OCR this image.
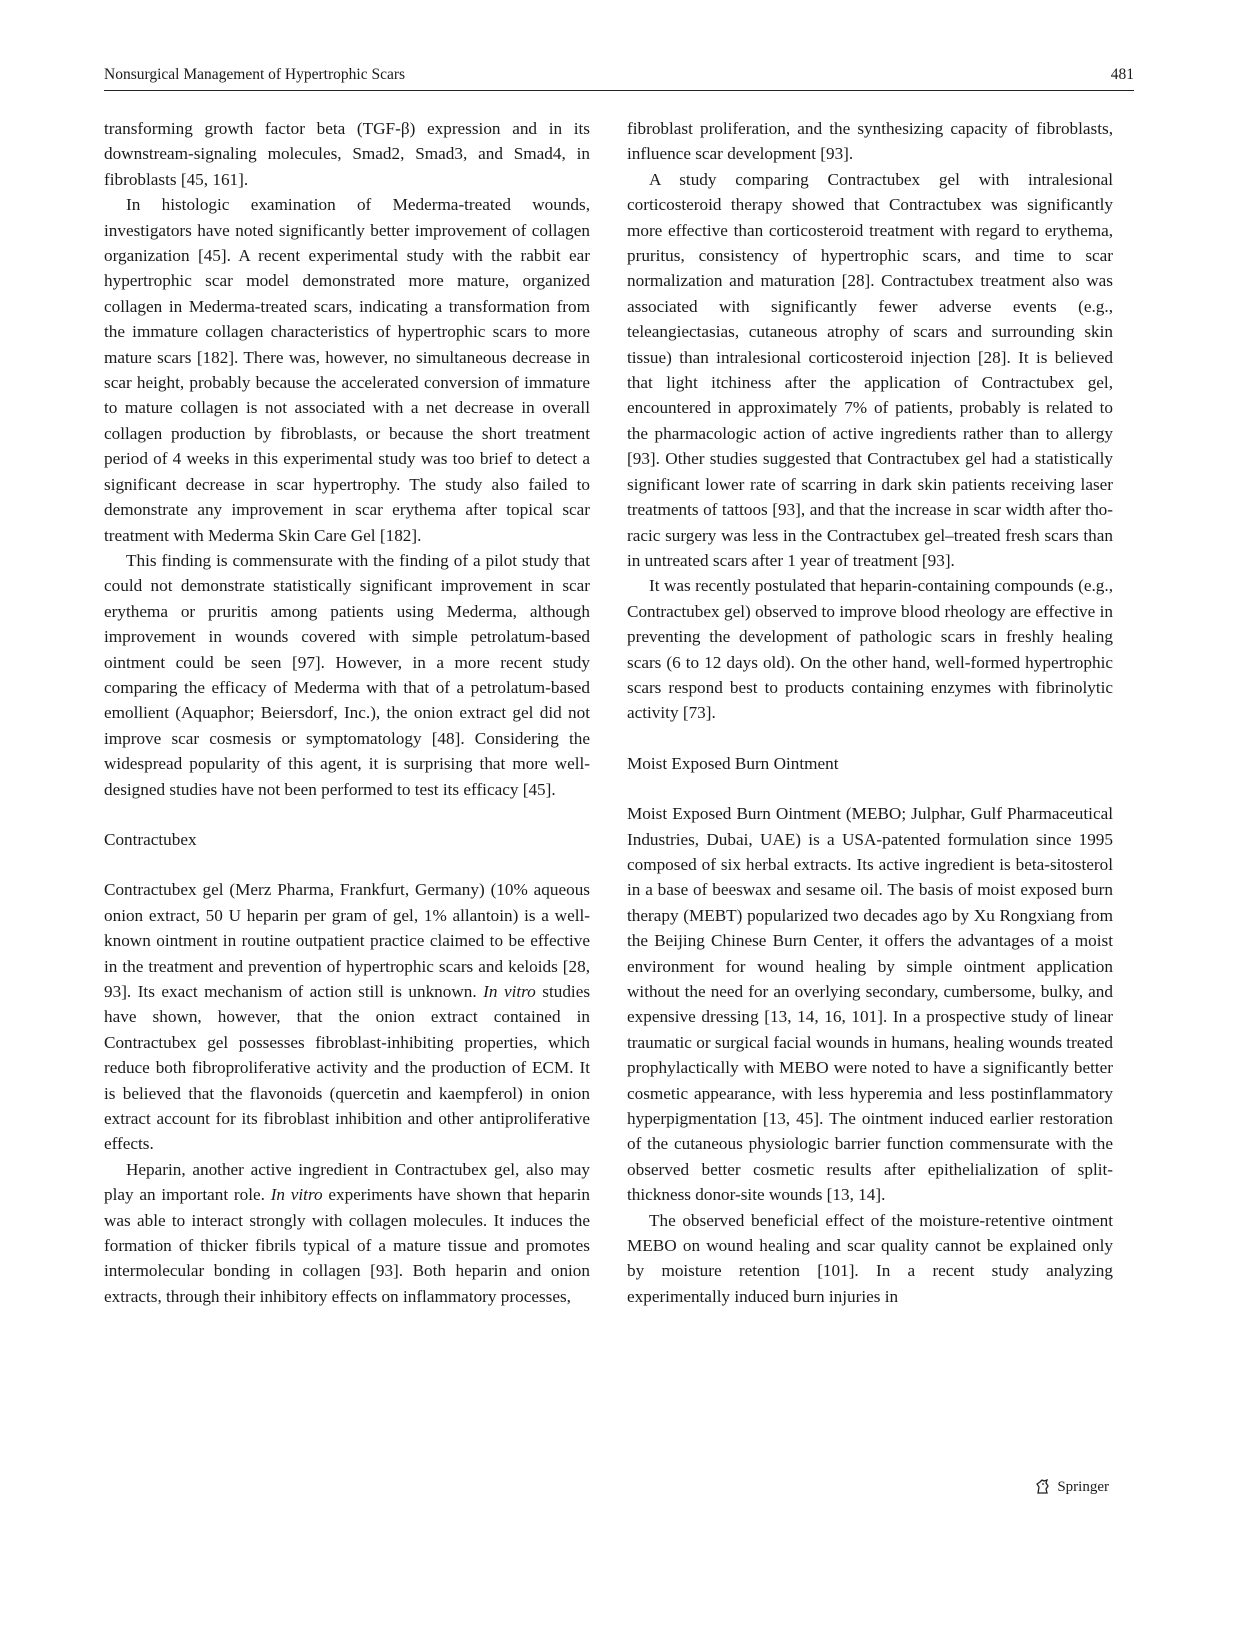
Nonsurgical Management of Hypertrophic Scars	481

transforming growth factor beta (TGF-β) expression and in its downstream-signaling molecules, Smad2, Smad3, and Smad4, in fibroblasts [45, 161].

In histologic examination of Mederma-treated wounds, investigators have noted significantly better improvement of collagen organization [45]. A recent experimental study with the rabbit ear hypertrophic scar model demonstrated more mature, organized collagen in Mederma-treated scars, indicating a transformation from the immature collagen characteristics of hypertrophic scars to more mature scars [182]. There was, however, no simultaneous decrease in scar height, probably because the accelerated conversion of immature to mature collagen is not associated with a net decrease in overall collagen production by fibroblasts, or because the short treatment period of 4 weeks in this experimental study was too brief to detect a significant decrease in scar hypertrophy. The study also failed to demonstrate any improvement in scar erythema after topical scar treatment with Mederma Skin Care Gel [182].

This finding is commensurate with the finding of a pilot study that could not demonstrate statistically significant improvement in scar erythema or pruritis among patients using Mederma, although improvement in wounds covered with simple petrolatum-based ointment could be seen [97]. However, in a more recent study comparing the efficacy of Mederma with that of a petrolatum-based emollient (Aquaphor; Beiersdorf, Inc.), the onion extract gel did not improve scar cosmesis or symptomatology [48]. Considering the widespread popularity of this agent, it is surprising that more well-designed studies have not been performed to test its efficacy [45].

Contractubex

Contractubex gel (Merz Pharma, Frankfurt, Germany) (10% aqueous onion extract, 50 U heparin per gram of gel, 1% allantoin) is a well-known ointment in routine outpatient practice claimed to be effective in the treatment and prevention of hypertrophic scars and keloids [28, 93]. Its exact mechanism of action still is unknown. In vitro studies have shown, however, that the onion extract contained in Contractubex gel possesses fibroblast-inhibiting properties, which reduce both fibroproliferative activity and the production of ECM. It is believed that the flavonoids (quercetin and kaempferol) in onion extract account for its fibroblast inhibition and other antiproliferative effects.

Heparin, another active ingredient in Contractubex gel, also may play an important role. In vitro experiments have shown that heparin was able to interact strongly with collagen molecules. It induces the formation of thicker fibrils typical of a mature tissue and promotes intermolecular bonding in collagen [93]. Both heparin and onion extracts, through their inhibitory effects on inflammatory processes,

fibroblast proliferation, and the synthesizing capacity of fibroblasts, influence scar development [93].

A study comparing Contractubex gel with intralesional corticosteroid therapy showed that Contractubex was significantly more effective than corticosteroid treatment with regard to erythema, pruritus, consistency of hypertrophic scars, and time to scar normalization and maturation [28]. Contractubex treatment also was associated with significantly fewer adverse events (e.g., teleangiectasias, cutaneous atrophy of scars and surrounding skin tissue) than intralesional corticosteroid injection [28]. It is believed that light itchiness after the application of Contractubex gel, encountered in approximately 7% of patients, probably is related to the pharmacologic action of active ingredients rather than to allergy [93]. Other studies suggested that Contractubex gel had a statistically significant lower rate of scarring in dark skin patients receiving laser treatments of tattoos [93], and that the increase in scar width after thoracic surgery was less in the Contractubex gel–treated fresh scars than in untreated scars after 1 year of treatment [93].

It was recently postulated that heparin-containing compounds (e.g., Contractubex gel) observed to improve blood rheology are effective in preventing the development of pathologic scars in freshly healing scars (6 to 12 days old). On the other hand, well-formed hypertrophic scars respond best to products containing enzymes with fibrinolytic activity [73].

Moist Exposed Burn Ointment

Moist Exposed Burn Ointment (MEBO; Julphar, Gulf Pharmaceutical Industries, Dubai, UAE) is a USA-patented formulation since 1995 composed of six herbal extracts. Its active ingredient is beta-sitosterol in a base of beeswax and sesame oil. The basis of moist exposed burn therapy (MEBT) popularized two decades ago by Xu Rongxiang from the Beijing Chinese Burn Center, it offers the advantages of a moist environment for wound healing by simple ointment application without the need for an overlying secondary, cumbersome, bulky, and expensive dressing [13, 14, 16, 101]. In a prospective study of linear traumatic or surgical facial wounds in humans, healing wounds treated prophylactically with MEBO were noted to have a significantly better cosmetic appearance, with less hyperemia and less postinflammatory hyperpigmentation [13, 45]. The ointment induced earlier restoration of the cutaneous physiologic barrier function commensurate with the observed better cosmetic results after epithelialization of split-thickness donor-site wounds [13, 14].

The observed beneficial effect of the moisture-retentive ointment MEBO on wound healing and scar quality cannot be explained only by moisture retention [101]. In a recent study analyzing experimentally induced burn injuries in

Springer
